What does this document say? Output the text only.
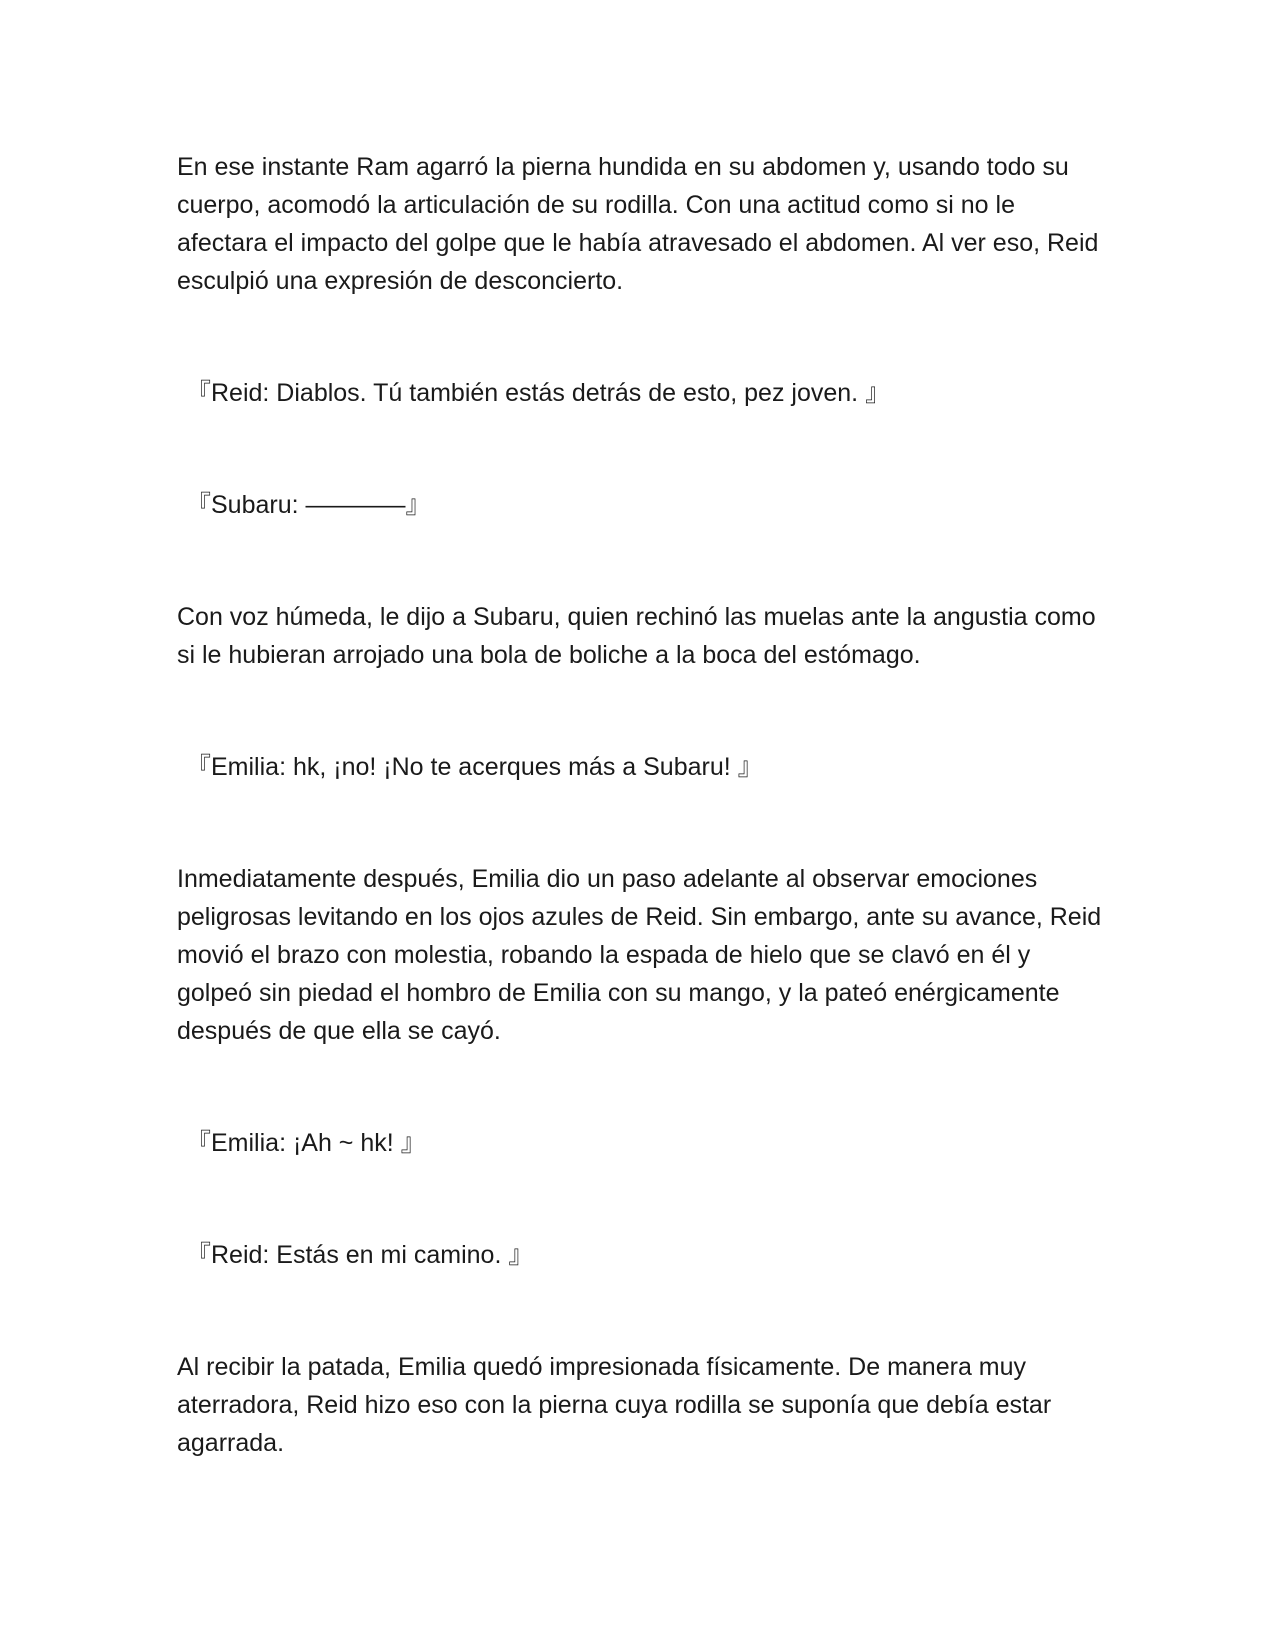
En ese instante Ram agarró la pierna hundida en su abdomen y, usando todo su cuerpo, acomodó la articulación de su rodilla. Con una actitud como si no le afectara el impacto del golpe que le había atravesado el abdomen. Al ver eso, Reid esculpió una expresión de desconcierto.

『Reid: Diablos. Tú también estás detrás de esto, pez joven. 』

『Subaru: ————』

Con voz húmeda, le dijo a Subaru, quien rechinó las muelas ante la angustia como si le hubieran arrojado una bola de boliche a la boca del estómago.

『Emilia: hk, ¡no! ¡No te acerques más a Subaru! 』

Inmediatamente después, Emilia dio un paso adelante al observar emociones peligrosas levitando en los ojos azules de Reid. Sin embargo, ante su avance, Reid movió el brazo con molestia, robando la espada de hielo que se clavó en él y golpeó sin piedad el hombro de Emilia con su mango, y la pateó enérgicamente después de que ella se cayó.

『Emilia: ¡Ah ~ hk! 』

『Reid: Estás en mi camino. 』

Al recibir la patada, Emilia quedó impresionada físicamente. De manera muy aterradora, Reid hizo eso con la pierna cuya rodilla se suponía que debía estar agarrada.
